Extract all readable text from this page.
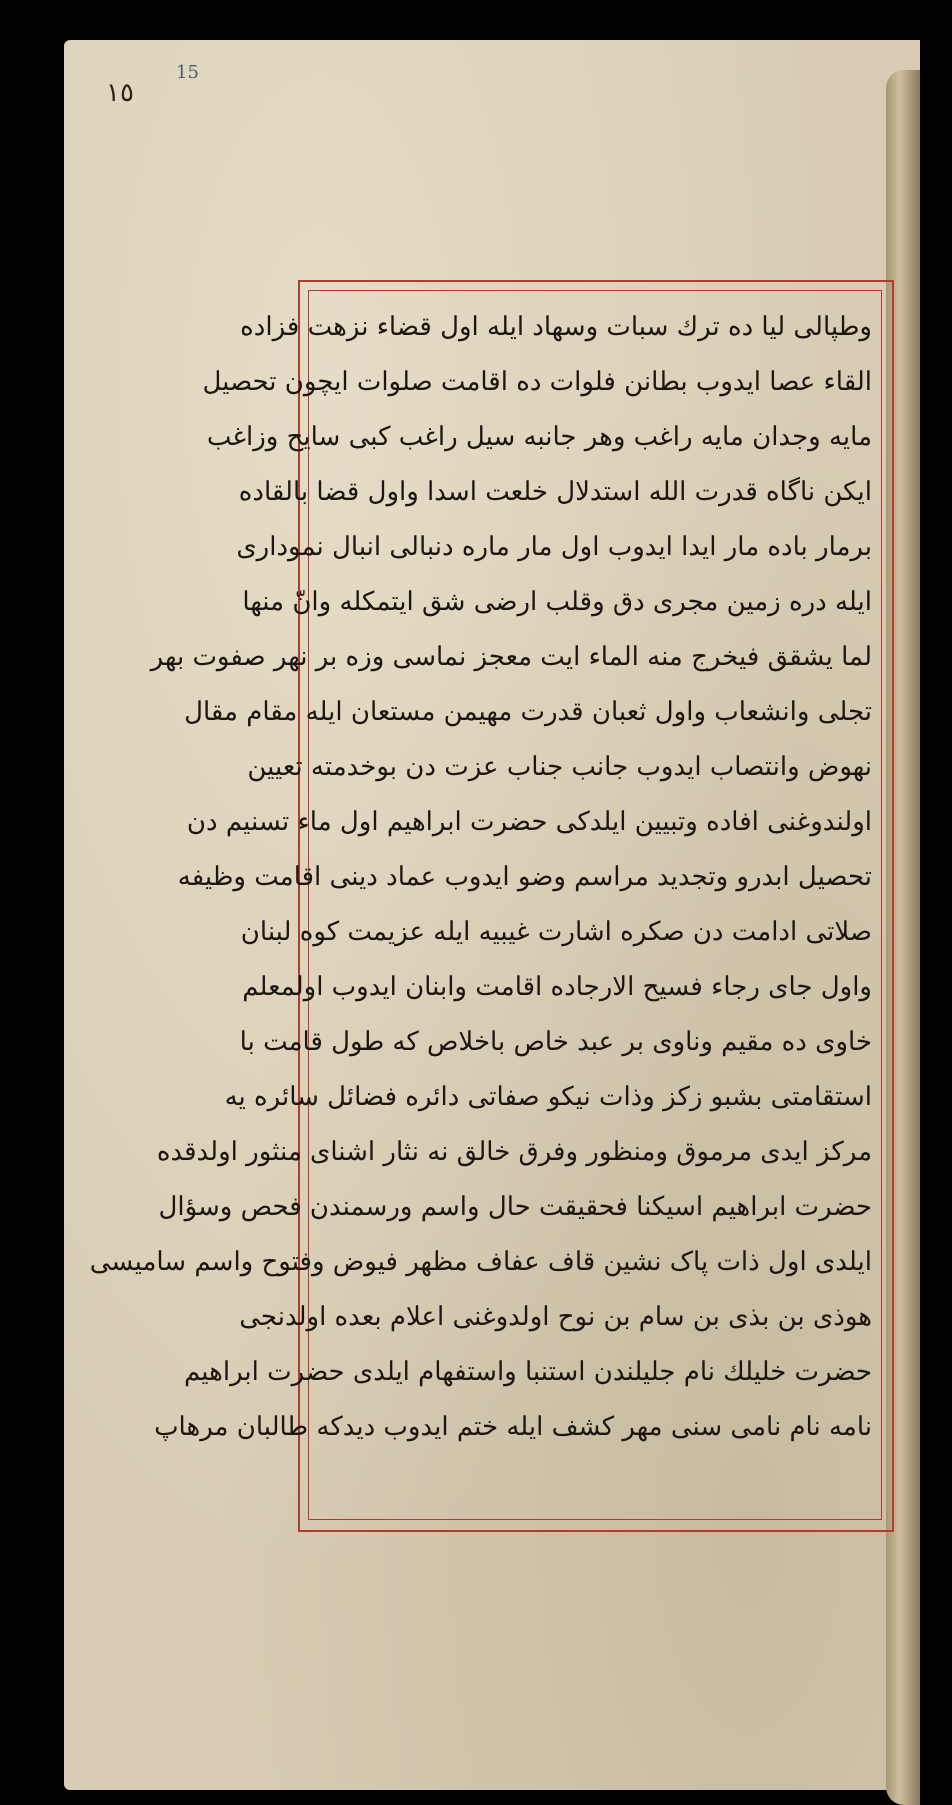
١٥
15
وطپالى ليا ده ترك سبات وسهاد ايله اول قضاء نزهت فزاده
القاء عصا ايدوب بطانن فلوات ده اقامت صلوات ايچون تحصيل
مايه وجدان مايه راغب وهر جانبه سيل راغب كبى سايح وزاغب
ايكن ناگاه قدرت الله استدلال خلعت اسدا واول قضا بالقاده
برمار باده مار ايدا ايدوب اول مار ماره دنبالى انبال نمودارى
ايله دره زمين مجرى دق وقلب ارضى شق ايتمكله وانّ منها
لما يشقق فيخرج منه الماء ايت معجز نماسى وزه بر نهر صفوت بهر
تجلى وانشعاب واول ثعبان قدرت مهيمن مستعان ايله مقام مقال
نهوض وانتصاب ايدوب جانب جناب عزت دن بوخدمته تعيين
اولندوغنى افاده وتبيين ايلدكى حضرت ابراهيم اول ماء تسنيم دن
تحصيل ابدرو وتجديد مراسم وضو ايدوب عماد دينى اقامت وظيفه
صلاتى ادامت دن صكره اشارت غيبيه ايله عزيمت كوه لبنان
واول جاى رجاء فسيح الارجاده اقامت وابنان ايدوب اولمعلم
خاوى ده مقيم وناوى بر عبد خاص باخلاص كه طول قامت با
استقامتى بشبو زكز وذات نيكو صفاتى دائره فضائل سائره يه
مركز ايدى مرموق ومنظور وفرق خالق نه نثار اشناى منثور اولدقده
حضرت ابراهيم اسيكنا فحقيقت حال واسم ورسمندن فحص وسؤال
ايلدى اول ذات پاک نشين قاف عفاف مظهر فيوض وفتوح واسم ساميسى
هوذى بن بذى بن سام بن نوح اولدوغنى اعلام بعده اولدنجى
حضرت خليلك نام جليلندن استنبا واستفهام ايلدى حضرت ابراهيم
نامه نام نامى سنى مهر كشف ايله ختم ايدوب ديدكه طالبان مرهاپ
